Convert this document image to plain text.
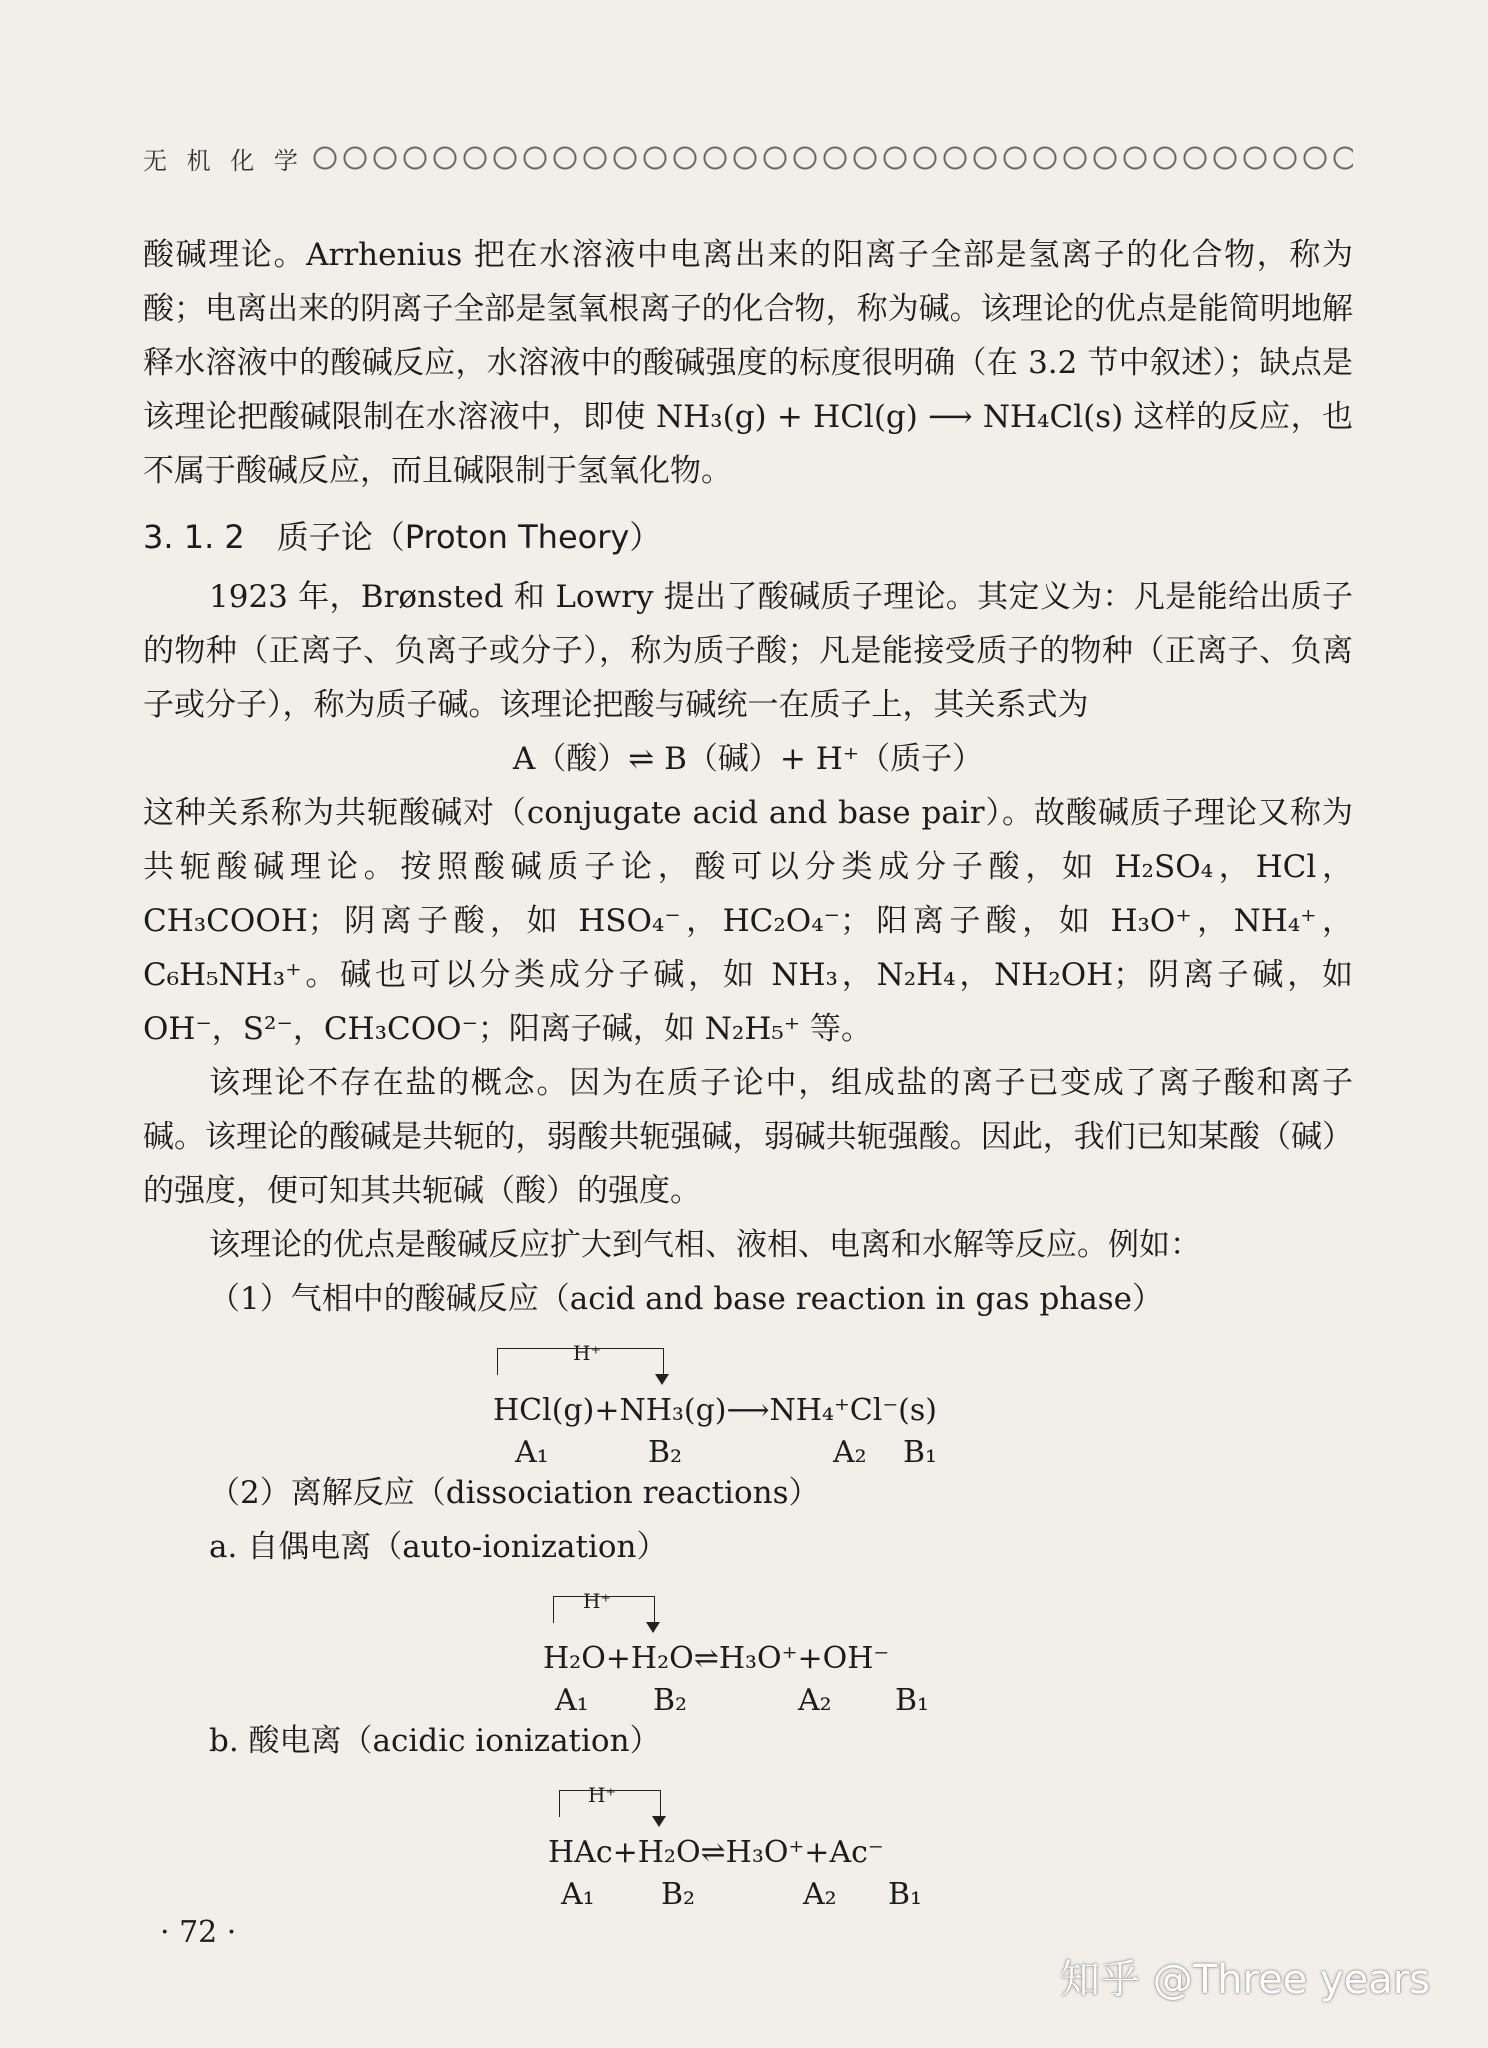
无 机 化 学

酸碱理论。Arrhenius 把在水溶液中电离出来的阳离子全部是氢离子的化合物，称为酸；电离出来的阴离子全部是氢氧根离子的化合物，称为碱。该理论的优点是能简明地解释水溶液中的酸碱反应，水溶液中的酸碱强度的标度很明确（在 3.2 节中叙述）；缺点是该理论把酸碱限制在水溶液中，即使 NH₃(g) + HCl(g) ⟶ NH₄Cl(s) 这样的反应，也不属于酸碱反应，而且碱限制于氢氧化物。

3. 1. 2　质子论（Proton Theory）

1923 年，Brønsted 和 Lowry 提出了酸碱质子理论。其定义为：凡是能给出质子的物种（正离子、负离子或分子），称为质子酸；凡是能接受质子的物种（正离子、负离子或分子），称为质子碱。该理论把酸与碱统一在质子上，其关系式为

A（酸）⇌ B（碱）+ H⁺（质子）

这种关系称为共轭酸碱对（conjugate acid and base pair）。故酸碱质子理论又称为共轭酸碱理论。按照酸碱质子论，酸可以分类成分子酸，如 H₂SO₄，HCl，CH₃COOH；阴离子酸，如 HSO₄⁻，HC₂O₄⁻；阳离子酸，如 H₃O⁺，NH₄⁺，C₆H₅NH₃⁺。碱也可以分类成分子碱，如 NH₃，N₂H₄，NH₂OH；阴离子碱，如 OH⁻，S²⁻，CH₃COO⁻；阳离子碱，如 N₂H₅⁺ 等。

该理论不存在盐的概念。因为在质子论中，组成盐的离子已变成了离子酸和离子碱。该理论的酸碱是共轭的，弱酸共轭强碱，弱碱共轭强酸。因此，我们已知某酸（碱）的强度，便可知其共轭碱（酸）的强度。

该理论的优点是酸碱反应扩大到气相、液相、电离和水解等反应。例如：

（1）气相中的酸碱反应（acid and base reaction in gas phase）

H⁺
HCl(g)+NH₃(g)⟶NH₄⁺Cl⁻(s)
A₁	B₂	A₂ B₁

（2）离解反应（dissociation reactions）

a. 自偶电离（auto-ionization）

H⁺
H₂O+H₂O⇌H₃O⁺+OH⁻
A₁ B₂	A₂ B₁

b. 酸电离（acidic ionization）

H⁺
HAc+H₂O⇌H₃O⁺+Ac⁻
A₁ B₂	A₂ B₁
· 72 ·
知乎 @Three years
